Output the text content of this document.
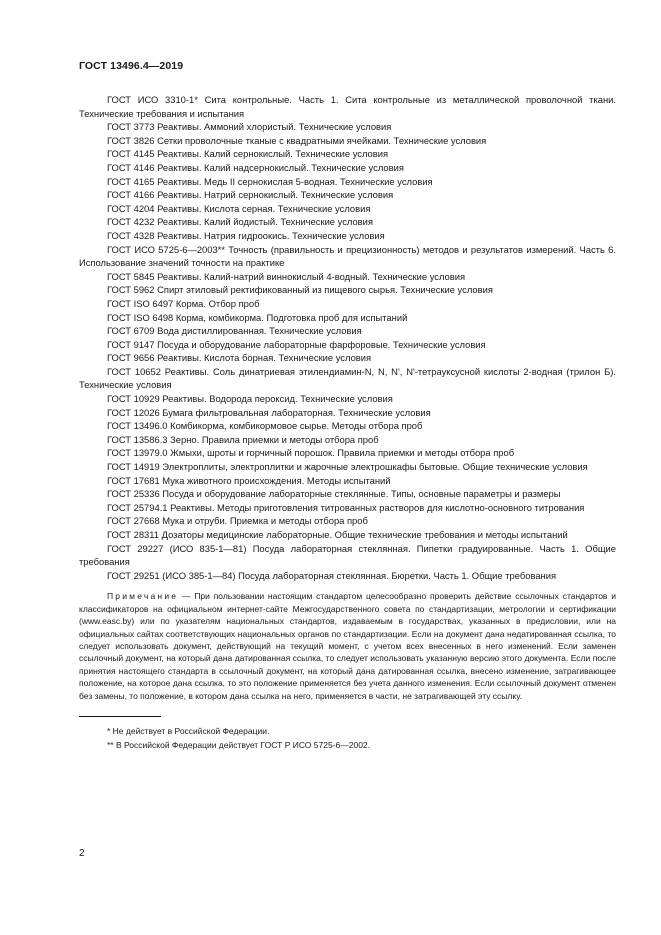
ГОСТ 13496.4—2019

ГОСТ ИСО 3310-1* Сита контрольные. Часть 1. Сита контрольные из металлической проволочной ткани. Технические требования и испытания

ГОСТ 3773 Реактивы. Аммоний хлористый. Технические условия

ГОСТ 3826 Сетки проволочные тканые с квадратными ячейками. Технические условия

ГОСТ 4145 Реактивы. Калий сернокислый. Технические условия

ГОСТ 4146 Реактивы. Калий надсернокислый. Технические условия

ГОСТ 4165 Реактивы. Медь II сернокислая 5-водная. Технические условия

ГОСТ 4166 Реактивы. Натрий сернокислый. Технические условия

ГОСТ 4204 Реактивы. Кислота серная. Технические условия

ГОСТ 4232 Реактивы. Калий йодистый. Технические условия

ГОСТ 4328 Реактивы. Натрия гидроокись. Технические условия

ГОСТ ИСО 5725-6—2003** Точность (правильность и прецизионность) методов и результатов измерений. Часть 6. Использование значений точности на практике

ГОСТ 5845 Реактивы. Калий-натрий виннокислый 4-водный. Технические условия

ГОСТ 5962 Спирт этиловый ректификованный из пищевого сырья. Технические условия

ГОСТ ISO 6497 Корма. Отбор проб

ГОСТ ISO 6498 Корма, комбикорма. Подготовка проб для испытаний

ГОСТ 6709 Вода дистиллированная. Технические условия

ГОСТ 9147 Посуда и оборудование лабораторные фарфоровые. Технические условия

ГОСТ 9656 Реактивы. Кислота борная. Технические условия

ГОСТ 10652 Реактивы. Соль динатриевая этилендиамин-N, N, N', N'-тетрауксусной кислоты 2-водная (трилон Б). Технические условия

ГОСТ 10929 Реактивы. Водорода пероксид. Технические условия

ГОСТ 12026 Бумага фильтровальная лабораторная. Технические условия

ГОСТ 13496.0 Комбикорма, комбикормовое сырье. Методы отбора проб

ГОСТ 13586.3 Зерно. Правила приемки и методы отбора проб

ГОСТ 13979.0 Жмыхи, шроты и горчичный порошок. Правила приемки и методы отбора проб

ГОСТ 14919 Электроплиты, электроплитки и жарочные электрошкафы бытовые. Общие технические условия

ГОСТ 17681 Мука животного происхождения. Методы испытаний

ГОСТ 25336 Посуда и оборудование лабораторные стеклянные. Типы, основные параметры и размеры

ГОСТ 25794.1 Реактивы. Методы приготовления титрованных растворов для кислотно-основного титрования

ГОСТ 27668 Мука и отруби. Приемка и методы отбора проб

ГОСТ 28311 Дозаторы медицинские лабораторные. Общие технические требования и методы испытаний

ГОСТ 29227 (ИСО 835-1—81) Посуда лабораторная стеклянная. Пипетки градуированные. Часть 1. Общие требования

ГОСТ 29251 (ИСО 385-1—84) Посуда лабораторная стеклянная. Бюретки. Часть 1. Общие требования

Примечание — При пользовании настоящим стандартом целесообразно проверить действие ссылочных стандартов и классификаторов на официальном интернет-сайте Межгосударственного совета по стандартизации, метрологии и сертификации (www.easc.by) или по указателям национальных стандартов, издаваемым в государствах, указанных в предисловии, или на официальных сайтах соответствующих национальных органов по стандартизации. Если на документ дана недатированная ссылка, то следует использовать документ, действующий на текущий момент, с учетом всех внесенных в него изменений. Если заменен ссылочный документ, на который дана датированная ссылка, то следует использовать указанную версию этого документа. Если после принятия настоящего стандарта в ссылочный документ, на который дана датированная ссылка, внесено изменение, затрагивающее положение, на которое дана ссылка, то это положение применяется без учета данного изменения. Если ссылочный документ отменен без замены, то положение, в котором дана ссылка на него, применяется в части, не затрагивающей эту ссылку.

* Не действует в Российской Федерации.

** В Российской Федерации действует ГОСТ Р ИСО 5725-6—2002.

2
